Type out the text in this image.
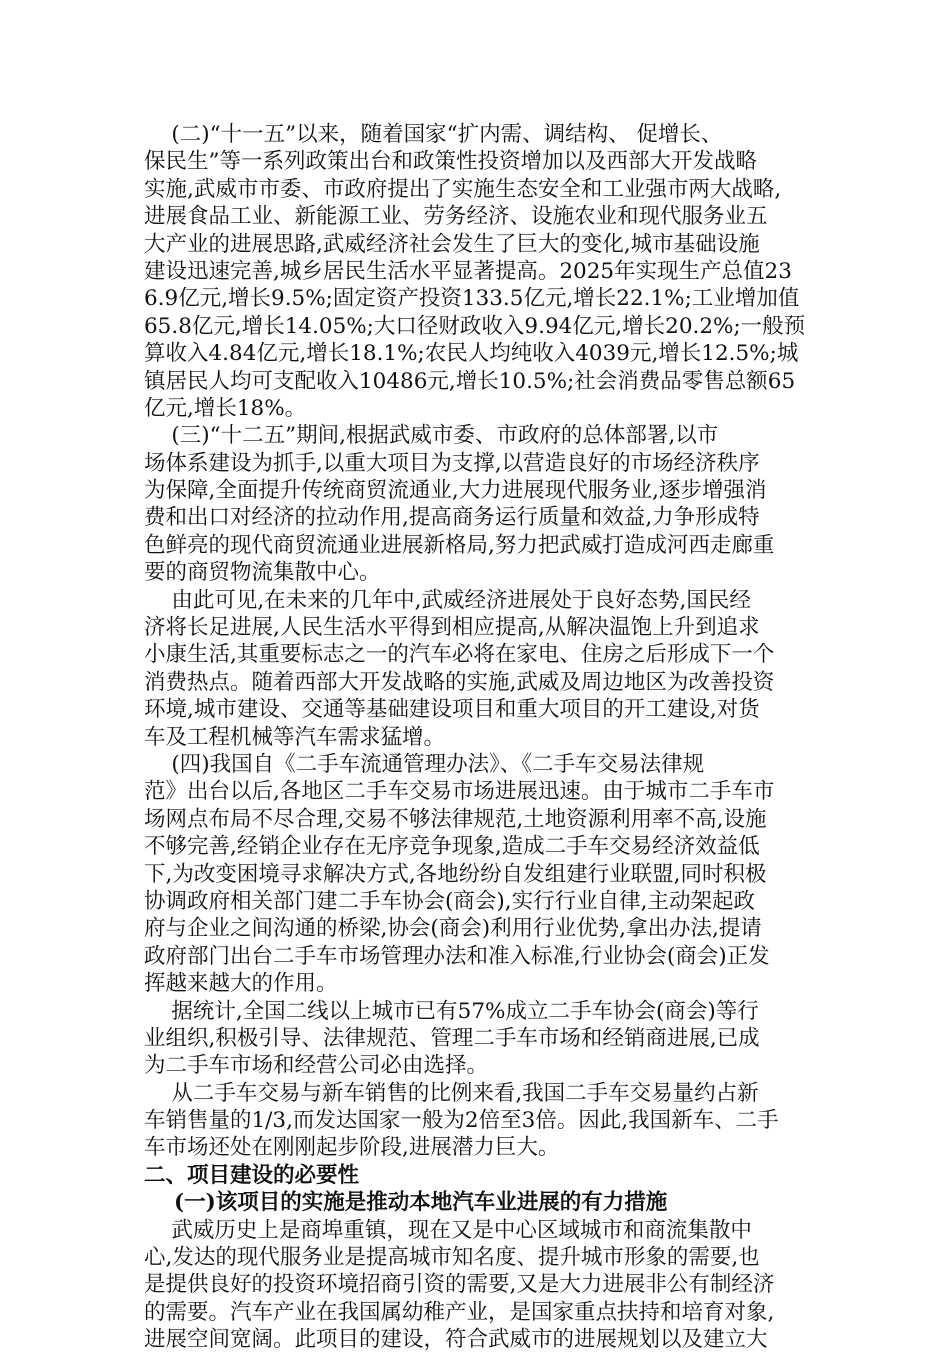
(二)“十一五”以来，随着国家“扩内需、调结构、 促增长、
保民生”等一系列政策出台和政策性投资增加以及西部大开发战略
实施,武威市市委、市政府提出了实施生态安全和工业强市两大战略,
进展食品工业、新能源工业、劳务经济、设施农业和现代服务业五
大产业的进展思路,武威经济社会发生了巨大的变化,城市基础设施
建设迅速完善,城乡居民生活水平显著提高。2025年实现生产总值23
6.9亿元,增长9.5%;固定资产投资133.5亿元,增长22.1%;工业增加值
65.8亿元,增长14.05%;大口径财政收入9.94亿元,增长20.2%;一般预
算收入4.84亿元,增长18.1%;农民人均纯收入4039元,增长12.5%;城
镇居民人均可支配收入10486元,增长10.5%;社会消费品零售总额65
亿元,增长18%。
(三)“十二五”期间,根据武威市委、市政府的总体部署,以市
场体系建设为抓手,以重大项目为支撑,以营造良好的市场经济秩序
为保障,全面提升传统商贸流通业,大力进展现代服务业,逐步增强消
费和出口对经济的拉动作用,提高商务运行质量和效益,力争形成特
色鲜亮的现代商贸流通业进展新格局,努力把武威打造成河西走廊重
要的商贸物流集散中心。
由此可见,在未来的几年中,武威经济进展处于良好态势,国民经
济将长足进展,人民生活水平得到相应提高,从解决温饱上升到追求
小康生活,其重要标志之一的汽车必将在家电、住房之后形成下一个
消费热点。随着西部大开发战略的实施,武威及周边地区为改善投资
环境,城市建设、交通等基础建设项目和重大项目的开工建设,对货
车及工程机械等汽车需求猛增。
(四)我国自《二手车流通管理办法》、《二手车交易法律规
范》出台以后,各地区二手车交易市场进展迅速。由于城市二手车市
场网点布局不尽合理,交易不够法律规范,土地资源利用率不高,设施
不够完善,经销企业存在无序竞争现象,造成二手车交易经济效益低
下,为改变困境寻求解决方式,各地纷纷自发组建行业联盟,同时积极
协调政府相关部门建二手车协会(商会),实行行业自律,主动架起政
府与企业之间沟通的桥梁,协会(商会)利用行业优势,拿出办法,提请
政府部门出台二手车市场管理办法和准入标准,行业协会(商会)正发
挥越来越大的作用。
据统计,全国二线以上城市已有57%成立二手车协会(商会)等行
业组织,积极引导、法律规范、管理二手车市场和经销商进展,已成
为二手车市场和经营公司必由选择。
从二手车交易与新车销售的比例来看,我国二手车交易量约占新
车销售量的1/3,而发达国家一般为2倍至3倍。因此,我国新车、二手
车市场还处在刚刚起步阶段,进展潜力巨大。
二、项目建设的必要性
(一)该项目的实施是推动本地汽车业进展的有力措施
武威历史上是商埠重镇，现在又是中心区域城市和商流集散中
心,发达的现代服务业是提高城市知名度、提升城市形象的需要,也
是提供良好的投资环境招商引资的需要,又是大力进展非公有制经济
的需要。汽车产业在我国属幼稚产业，是国家重点扶持和培育对象,
进展空间宽阔。此项目的建设，符合武威市的进展规划以及建立大
